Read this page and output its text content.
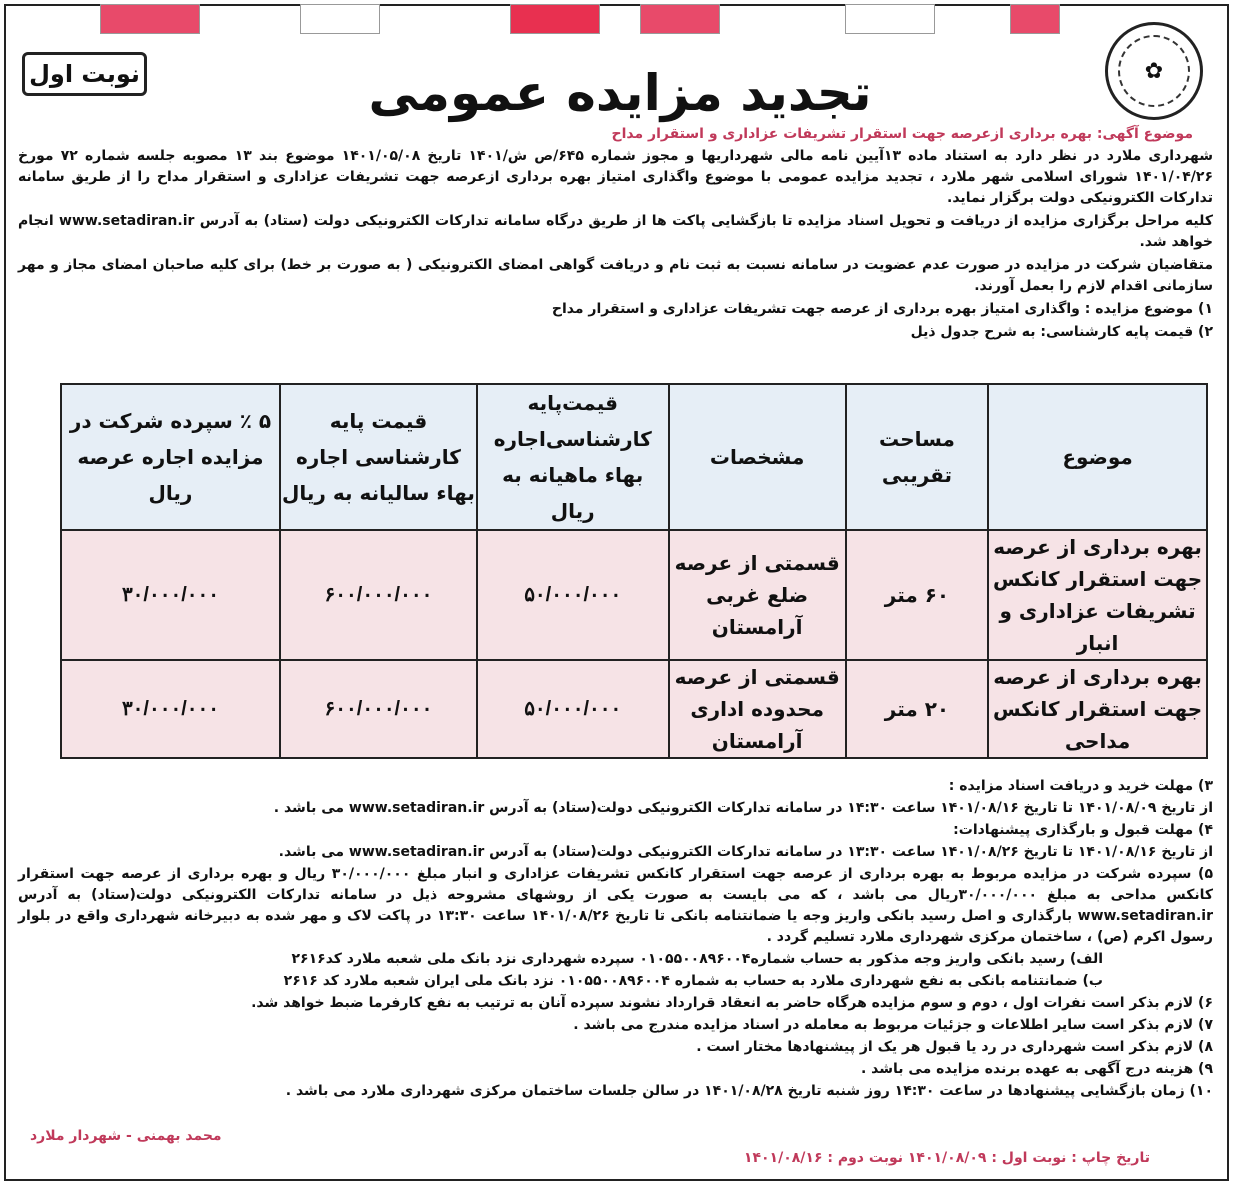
✿
نوبت اول	تجدید مزایده عمومی
موضوع آگهی: بهره برداری ازعرصه جهت استقرار تشریفات عزاداری و استقرار مداح

شهرداری ملارد در نظر دارد به استناد ماده ۱۳آیین نامه مالی شهرداریها و مجوز شماره ۶۴۵/ص ش/۱۴۰۱ تاریخ ۱۴۰۱/۰۵/۰۸ موضوع بند ۱۳ مصوبه جلسه شماره ۷۲ مورخ ۱۴۰۱/۰۴/۲۶ شورای اسلامی شهر ملارد ، تجدید مزایده عمومی با موضوع واگذاری امتیاز بهره برداری ازعرصه جهت تشریفات عزاداری و استقرار مداح را از طریق سامانه تدارکات الکترونیکی دولت برگزار نماید.

کلیه مراحل برگزاری مزایده از دریافت و تحویل اسناد مزایده تا بازگشایی پاکت ها از طریق درگاه سامانه تدارکات الکترونیکی دولت (ستاد) به آدرس www.setadiran.ir انجام خواهد شد.

متقاضیان شرکت در مزایده در صورت عدم عضویت در سامانه نسبت به ثبت نام و دریافت گواهی امضای الکترونیکی ( به صورت بر خط) برای کلیه صاحبان امضای مجاز و مهر سازمانی اقدام لازم را بعمل آورند.

۱) موضوع مزایده : واگذاری امتیاز بهره برداری از عرصه جهت تشریفات عزاداری و استقرار مداح

۲) قیمت پایه کارشناسی: به شرح جدول ذیل

موضوع	مساحت تقریبی	مشخصات	قیمت‌پایه کارشناسی‌اجاره بهاء ماهیانه به ریال	قیمت پایه کارشناسی اجاره بهاء سالیانه به ریال	۵ ٪ سپرده شرکت در مزایده اجاره عرصه ریال
بهره برداری از عرصه جهت استقرار کانکس تشریفات عزاداری و انبار	۶۰ متر	قسمتی از عرصه ضلع غربی آرامستان	۵۰/۰۰۰/۰۰۰	۶۰۰/۰۰۰/۰۰۰	۳۰/۰۰۰/۰۰۰
بهره برداری از عرصه جهت استقرار کانکس مداحی	۲۰ متر	قسمتی از عرصه محدوده اداری آرامستان	۵۰/۰۰۰/۰۰۰	۶۰۰/۰۰۰/۰۰۰	۳۰/۰۰۰/۰۰۰

۳) مهلت خرید و دریافت اسناد مزایده :

از تاریخ ۱۴۰۱/۰۸/۰۹ تا تاریخ ۱۴۰۱/۰۸/۱۶ ساعت ۱۴:۳۰ در سامانه تدارکات الکترونیکی دولت(ستاد) به آدرس www.setadiran.ir می باشد .

۴) مهلت قبول و بارگذاری پیشنهادات:

از تاریخ ۱۴۰۱/۰۸/۱۶ تا تاریخ ۱۴۰۱/۰۸/۲۶ ساعت ۱۳:۳۰ در سامانه تدارکات الکترونیکی دولت(ستاد) به آدرس www.setadiran.ir می باشد.

۵) سپرده شرکت در مزایده مربوط به بهره برداری از عرصه جهت استقرار کانکس تشریفات عزاداری و انبار مبلغ ۳۰/۰۰۰/۰۰۰ ریال و بهره برداری از عرصه جهت استقرار کانکس مداحی به مبلغ ۳۰/۰۰۰/۰۰۰ریال می باشد ، که می بایست به صورت یکی از روشهای مشروحه ذیل در سامانه تدارکات الکترونیکی دولت(ستاد) به آدرس www.setadiran.ir بارگذاری و اصل رسید بانکی واریز وجه یا ضمانتنامه بانکی تا تاریخ ۱۴۰۱/۰۸/۲۶ ساعت ۱۳:۳۰ در پاکت لاک و مهر شده به دبیرخانه شهرداری واقع در بلوار رسول اکرم (ص) ، ساختمان مرکزی شهرداری ملارد تسلیم گردد .

الف) رسید بانکی واریز وجه مذکور به حساب شماره۰۱۰۵۵۰۰۸۹۶۰۰۴ سپرده شهرداری نزد بانک ملی شعبه ملارد کد۲۶۱۶

ب) ضمانتنامه بانکی به نفع شهرداری ملارد به حساب به شماره ۰۱۰۵۵۰۰۸۹۶۰۰۴ نزد بانک ملی ایران شعبه ملارد کد ۲۶۱۶

۶) لازم بذکر است نفرات اول ، دوم و سوم مزایده هرگاه حاضر به انعقاد قرارداد نشوند سپرده آنان به ترتیب به نفع کارفرما ضبط خواهد شد.

۷) لازم بذکر است سایر اطلاعات و جزئیات مربوط به معامله در اسناد مزایده مندرج می باشد .

۸) لازم بذکر است شهرداری در رد یا قبول هر یک از پیشنهادها مختار است .

۹) هزینه درج آگهی به عهده برنده مزایده می باشد .

۱۰) زمان بازگشایی پیشنهادها در ساعت ۱۴:۳۰ روز شنبه تاریخ ۱۴۰۱/۰۸/۲۸ در سالن جلسات ساختمان مرکزی شهرداری ملارد می باشد .

محمد بهمنی - شهردار ملارد
تاریخ چاپ : نوبت اول : ۱۴۰۱/۰۸/۰۹ نوبت دوم : ۱۴۰۱/۰۸/۱۶
